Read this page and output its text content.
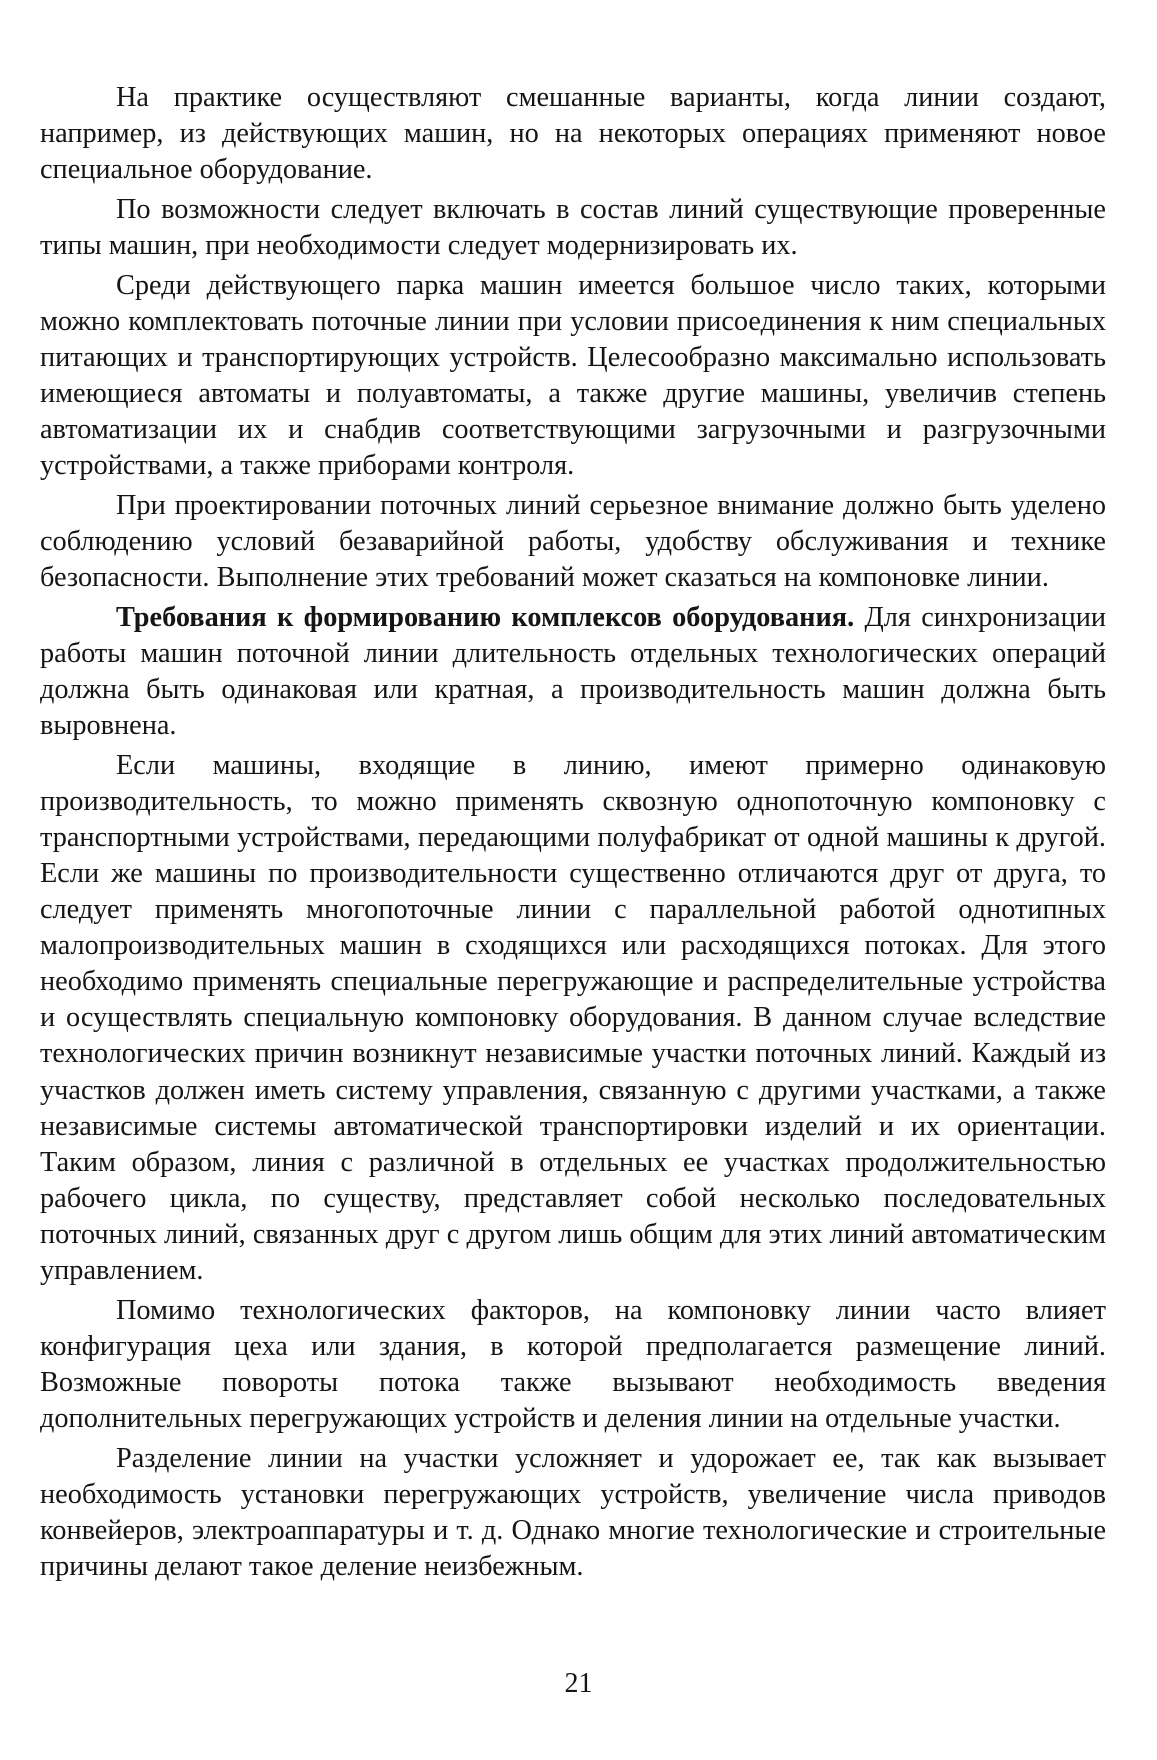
На практике осуществляют смешанные варианты, когда линии создают, например, из действующих машин, но на некоторых операциях применяют новое специальное оборудование.

По возможности следует включать в состав линий существующие проверенные типы машин, при необходимости следует модернизировать их.

Среди действующего парка машин имеется большое число таких, которыми можно комплектовать поточные линии при условии присоединения к ним специальных питающих и транспортирующих устройств. Целесообразно максимально использовать имеющиеся автоматы и полуавтоматы, а также другие машины, увеличив степень автоматизации их и снабдив соответствующими загрузочными и разгрузочными устройствами, а также приборами контроля.

При проектировании поточных линий серьезное внимание должно быть уделено соблюдению условий безаварийной работы, удобству обслуживания и технике безопасности. Выполнение этих требований может сказаться на компоновке линии.

Требования к формированию комплексов оборудования. Для синхронизации работы машин поточной линии длительность отдельных технологических операций должна быть одинаковая или кратная, а производительность машин должна быть выровнена.

Если машины, входящие в линию, имеют примерно одинаковую производительность, то можно применять сквозную однопоточную компоновку с транспортными устройствами, передающими полуфабрикат от одной машины к другой. Если же машины по производительности существенно отличаются друг от друга, то следует применять многопоточные линии с параллельной работой однотипных малопроизводительных машин в сходящихся или расходящихся потоках. Для этого необходимо применять специальные перегружающие и распределительные устройства и осуществлять специальную компоновку оборудования. В данном случае вследствие технологических причин возникнут независимые участки поточных линий. Каждый из участков должен иметь систему управления, связанную с другими участками, а также независимые системы автоматической транспортировки изделий и их ориентации. Таким образом, линия с различной в отдельных ее участках продолжительностью рабочего цикла, по существу, представляет собой несколько последовательных поточных линий, связанных друг с другом лишь общим для этих линий автоматическим управлением.

Помимо технологических факторов, на компоновку линии часто влияет конфигурация цеха или здания, в которой предполагается размещение линий. Возможные повороты потока также вызывают необходимость введения дополнительных перегружающих устройств и деления линии на отдельные участки.

Разделение линии на участки усложняет и удорожает ее, так как вызывает необходимость установки перегружающих устройств, увеличение числа приводов конвейеров, электроаппаратуры и т. д. Однако многие технологические и строительные причины делают такое деление неизбежным.

21
